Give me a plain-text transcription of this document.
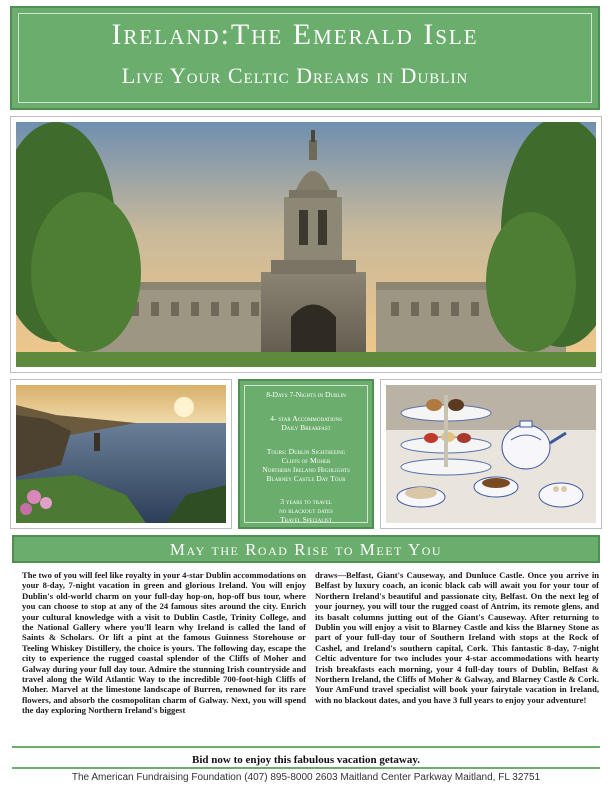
Ireland:The Emerald Isle
Live Your Celtic Dreams in Dublin
8-Days 7-Nights in Dublin
4- star Accommodations
Daily Breakfast
Tours: Dublin Sightseeing
Cliffs of Moher
Northern Ireland Highlights
Blarney Castle Day Tour
3 years to travel
no blackout dates
Travel Specialist
May the Road Rise to Meet You
The two of you will feel like royalty in your 4-star Dublin accommodations on your 8-day, 7-night vacation in green and glorious Ireland. You will enjoy Dublin's old-world charm on your full-day hop-on, hop-off bus tour, where you can choose to stop at any of the 24 famous sites around the city. Enrich your cultural knowledge with a visit to Dublin Castle, Trinity College, and the National Gallery where you'll learn why Ireland is called the land of Saints & Scholars. Or lift a pint at the famous Guinness Storehouse or Teeling Whiskey Distillery, the choice is yours. The following day, escape the city to experience the rugged coastal splendor of the Cliffs of Moher and Galway during your full day tour. Admire the stunning Irish countryside and travel along the Wild Atlantic Way to the incredible 700-foot-high Cliffs of Moher. Marvel at the limestone landscape of Burren, renowned for its rare flowers, and absorb the cosmopolitan charm of Galway. Next, you will spend the day exploring Northern Ireland's biggest
draws—Belfast, Giant's Causeway, and Dunluce Castle. Once you arrive in Belfast by luxury coach, an iconic black cab will await you for your tour of Northern Ireland's beautiful and passionate city, Belfast. On the next leg of your journey, you will tour the rugged coast of Antrim, its remote glens, and its basalt columns jutting out of the Giant's Causeway. After returning to Dublin you will enjoy a visit to Blarney Castle and kiss the Blarney Stone as part of your full-day tour of Southern Ireland with stops at the Rock of Cashel, and Ireland's southern capital, Cork. This fantastic 8-day, 7-night Celtic adventure for two includes your 4-star accommodations with hearty Irish breakfasts each morning, your 4 full-day tours of Dublin, Belfast & Northern Ireland, the Cliffs of Moher & Galway, and Blarney Castle & Cork. Your AmFund travel specialist will book your fairytale vacation in Ireland, with no blackout dates, and you have 3 full years to enjoy your adventure!
Bid now to enjoy this fabulous vacation getaway.
The American Fundraising Foundation (407) 895-8000 2603 Maitland Center Parkway Maitland, FL 32751
